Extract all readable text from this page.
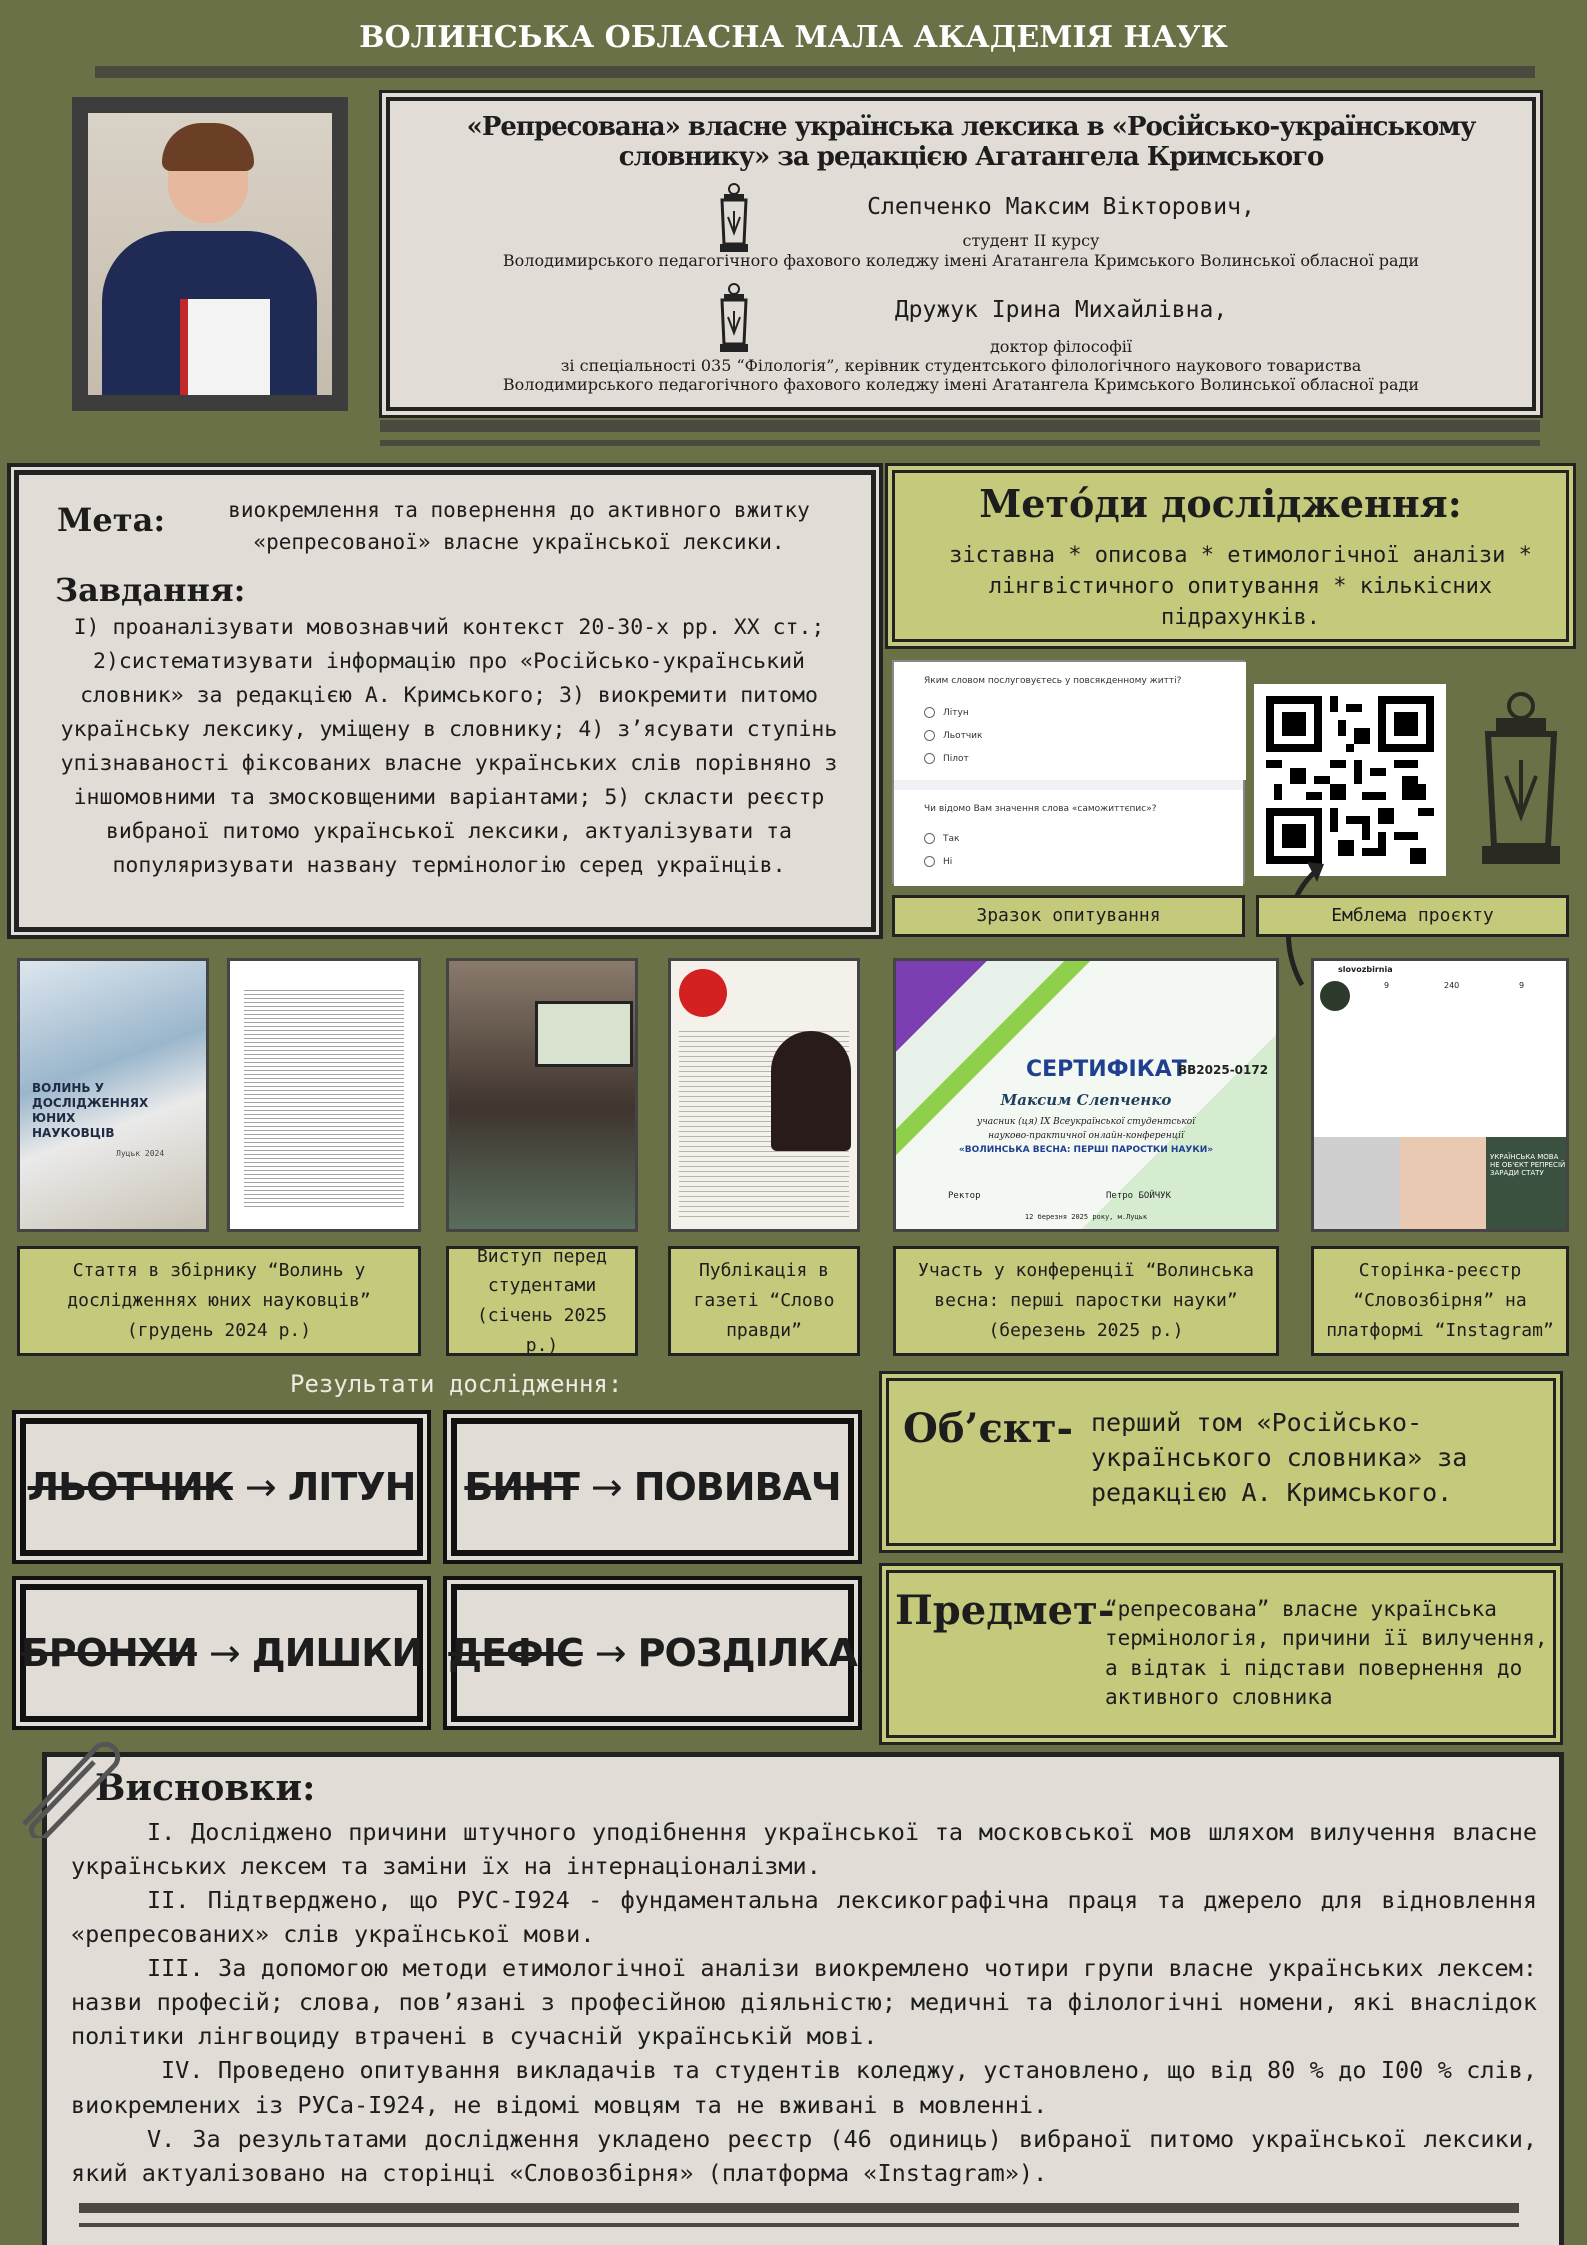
ВОЛИНСЬКА ОБЛАСНА МАЛА АКАДЕМІЯ НАУК
«Репресована» власне українська лексика в «Російсько-українському словнику» за редакцією Агатангела Кримського
Слепченко Максим Вікторович,
студент ІІ курсу
Володимирського педагогічного фахового коледжу імені Агатангела Кримського Волинської обласної ради
Дружук Ірина Михайлівна,
доктор філософії
зі спеціальності 035 “Філологія”, керівник студентського філологічного наукового товариства
Володимирського педагогічного фахового коледжу імені Агатангела Кримського Волинської обласної ради
Мета:	виокремлення та повернення до активного вжитку «репресованої» власне української лексики.
Завдання:
І) проаналізувати мовознавчий контекст 20-30-х рр. ХХ ст.; 2)систематизувати інформацію про «Російсько-український словник» за редакцією А. Кримського; 3) виокремити питомо українську лексику, уміщену в словнику; 4) з’ясувати ступінь упізнаваності фіксованих власне українських слів порівняно з іншомовними та змосковщеними варіантами; 5) скласти реєстр вибраної питомо української лексики, актуалізувати та популяризувати названу термінологію серед українців.
Метóди дослідження:
зіставна * описова * етимологічної аналізи * лінгвістичного опитування * кількісних підрахунків.
Яким словом послуговуєтесь у повсякденному житті?
Літун
Льотчик
Пілот
Чи відомо Вам значення слова «саможиттєпис»?
Так
Ні
Зразок опитування	Емблема проєкту
ВОЛИНЬ У ДОСЛІДЖЕННЯХ ЮНИХ НАУКОВЦІВ
Луцьк 2024
СЕРТИФІКАТ
ВВ2025-0172
Максим Слепченко
учасник (ця) ІХ Всеукраїнської студентської
науково-практичної онлайн-конференції
«ВОЛИНСЬКА ВЕСНА: ПЕРШІ ПАРОСТКИ НАУКИ»
Ректор	Петро БОЙЧУК
12 березня 2025 року, м.Луцьк
slovozbirnia
9	240	9
УКРАЇНСЬКА МОВА НЕ ОБ'ЄКТ РЕПРЕСІЙ ЗАРАДИ СТАТУ
Стаття в збірнику “Волинь у дослідженнях юних науковців” (грудень 2024 р.)
Виступ перед студентами (січень 2025 р.)
Публікація в газеті “Слово правди”
Участь у конференції “Волинська весна: перші паростки науки” (березень 2025 р.)
Сторінка-реєстр “Словозбірня” на платформі “Instagram”
Результати дослідження:
ЛЬОТЧИК → ЛІТУН БИНТ → ПОВИВАЧ
БРОНХИ → ДИШКИ ДЕФІС → РОЗДІЛКА
Об’єкт- перший том «Російсько-українського словника» за редакцією А. Кримського.
Предмет-
“репресована” власне українська термінологія, причини її вилучення, а відтак і підстави повернення до активного словника
Висновки:
І. Досліджено причини штучного уподібнення української та московської мов шляхом вилучення власне українських лексем та заміни їх на інтернаціоналізми.
ІІ. Підтверджено, що РУС-І924 - фундаментальна лексикографічна праця та джерело для відновлення «репресованих» слів української мови.
ІІІ. За допомогою методи етимологічної аналізи виокремлено чотири групи власне українських лексем: назви професій; слова, пов’язані з професійною діяльністю; медичні та філологічні номени, які внаслідок політики лінгвоциду втрачені в сучасній українській мові.
ІV. Проведено опитування викладачів та студентів коледжу, установлено, що від 80 % до І00 % слів, виокремлених із РУСа-І924, не відомі мовцям та не вживані в мовленні.
V. За результатами дослідження укладено реєстр (46 одиниць) вибраної питомо української лексики, який актуалізовано на сторінці «Словозбірня» (платформа «Instagram»).
